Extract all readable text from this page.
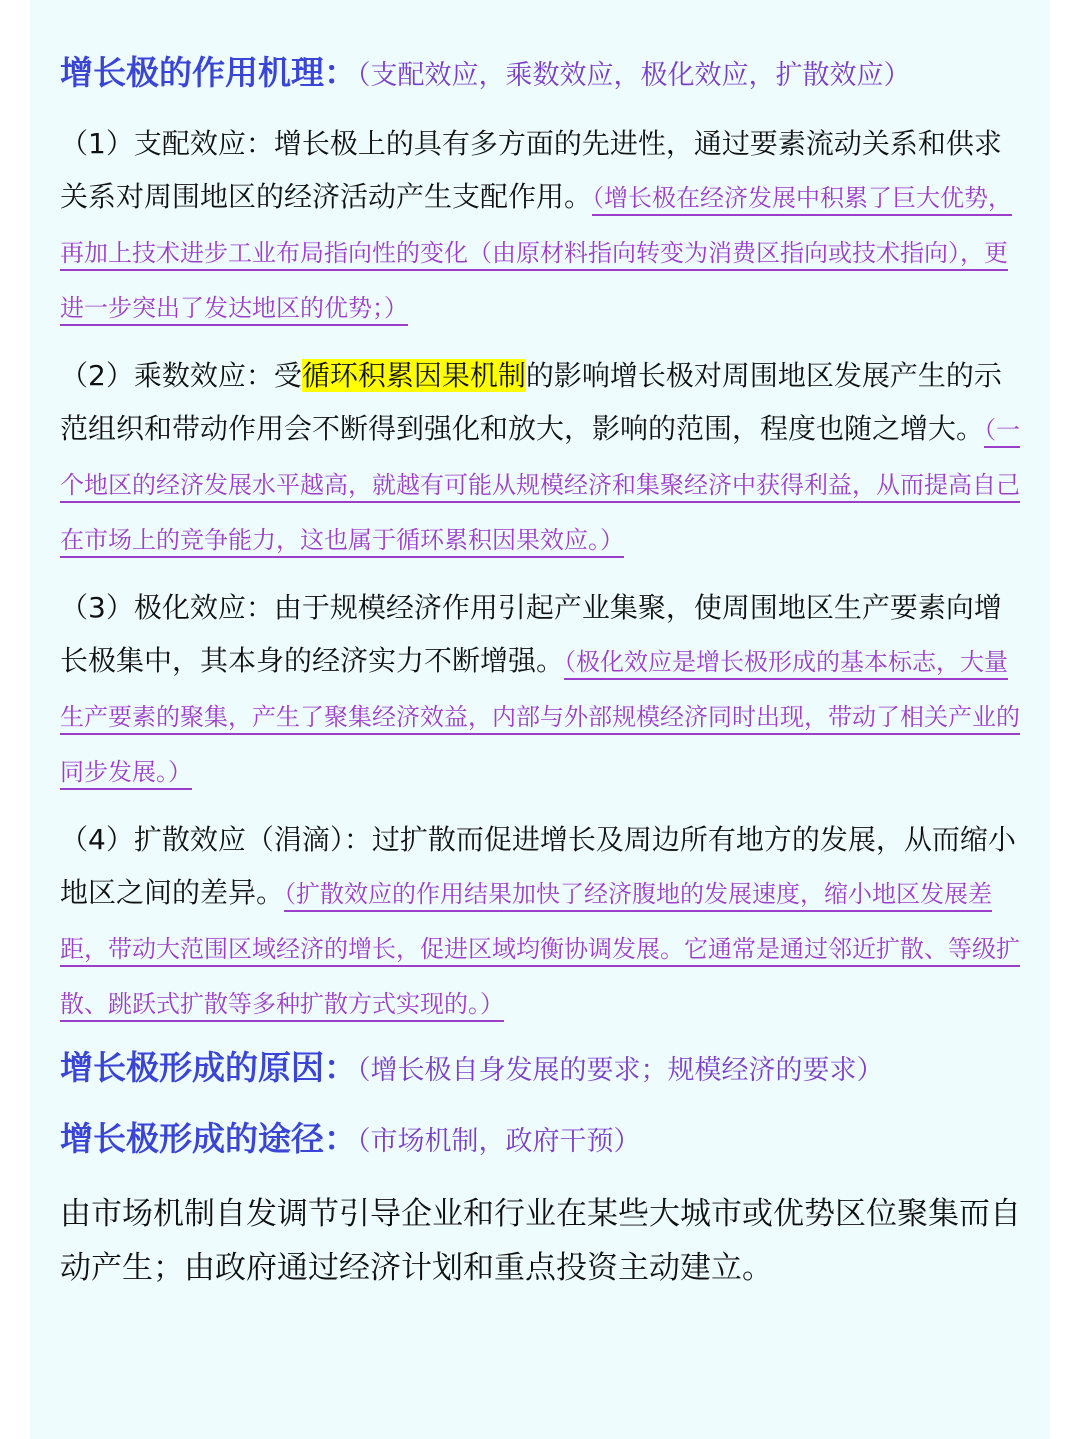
增长极的作用机理：（支配效应，乘数效应，极化效应，扩散效应）
（1）支配效应：增长极上的具有多方面的先进性，通过要素流动关系和供求关系对周围地区的经济活动产生支配作用。（增长极在经济发展中积累了巨大优势，再加上技术进步工业布局指向性的变化（由原材料指向转变为消费区指向或技术指向），更进一步突出了发达地区的优势；）
（2）乘数效应：受循环积累因果机制的影响增长极对周围地区发展产生的示范组织和带动作用会不断得到强化和放大，影响的范围，程度也随之增大。（一个地区的经济发展水平越高，就越有可能从规模经济和集聚经济中获得利益，从而提高自己在市场上的竞争能力，这也属于循环累积因果效应。）
（3）极化效应：由于规模经济作用引起产业集聚，使周围地区生产要素向增长极集中，其本身的经济实力不断增强。（极化效应是增长极形成的基本标志，大量生产要素的聚集，产生了聚集经济效益，内部与外部规模经济同时出现，带动了相关产业的同步发展。）
（4）扩散效应（涓滴）：过扩散而促进增长及周边所有地方的发展，从而缩小地区之间的差异。（扩散效应的作用结果加快了经济腹地的发展速度，缩小地区发展差距，带动大范围区域经济的增长，促进区域均衡协调发展。它通常是通过邻近扩散、等级扩散、跳跃式扩散等多种扩散方式实现的。）
增长极形成的原因：（增长极自身发展的要求；规模经济的要求）
增长极形成的途径：（市场机制，政府干预）
由市场机制自发调节引导企业和行业在某些大城市或优势区位聚集而自动产生；由政府通过经济计划和重点投资主动建立。
